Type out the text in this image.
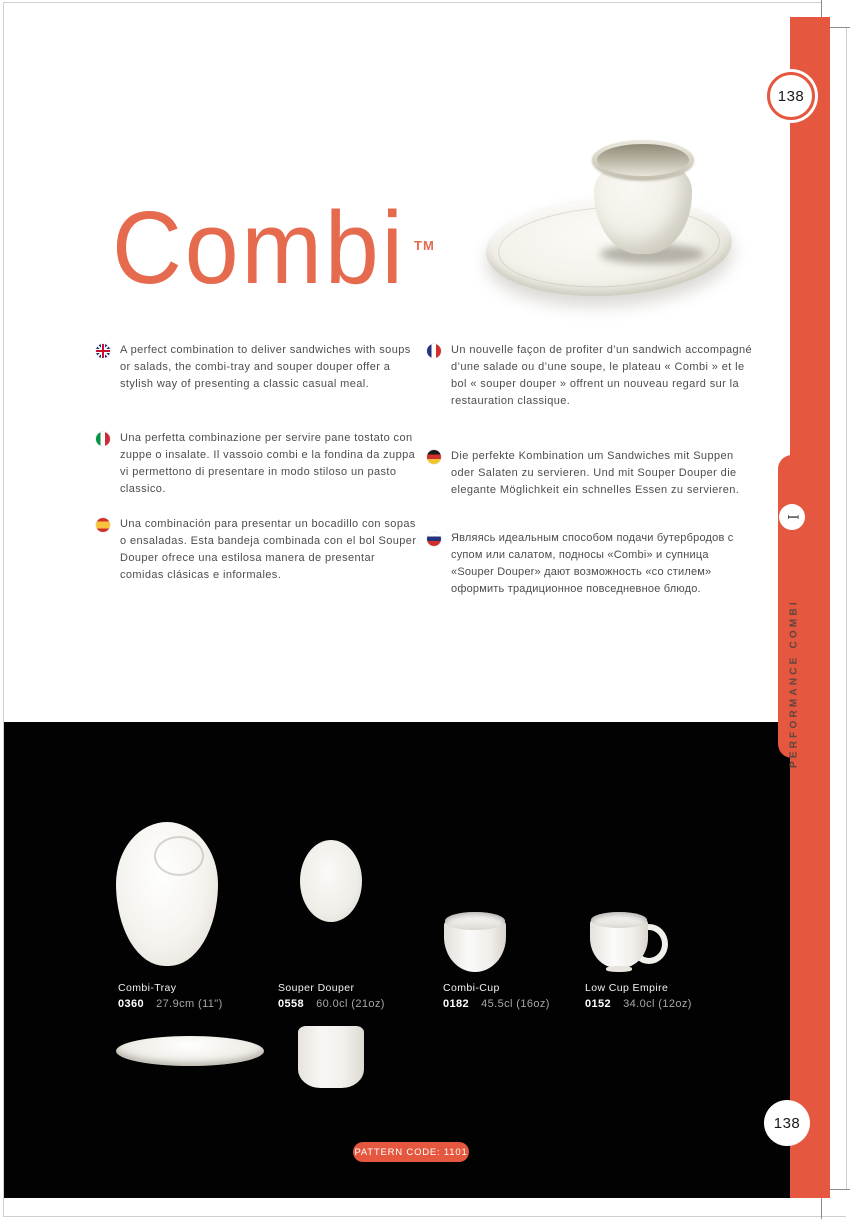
Combi-Tray
0360 27.9cm (11")
Souper Douper
0558 60.0cl (21oz)
Combi-Cup
0182 45.5cl (16oz)
Low Cup Empire
0152 34.0cl (12oz)
PERFORMANCE COMBI
I
138
138
Combi TM
A perfect combination to deliver sandwiches with soups or salads, the combi-tray and souper douper offer a stylish way of presenting a classic casual meal.
Una perfetta combinazione per servire pane tostato con zuppe o insalate. Il vassoio combi e la fondina da zuppa vi permettono di presentare in modo stiloso un pasto classico.
Una combinación para presentar un bocadillo con sopas o ensaladas. Esta bandeja combinada con el bol Souper Douper ofrece una estilosa manera de presentar comidas clásicas e informales.
Un nouvelle façon de profiter d’un sandwich accompagné d’une salade ou d’une soupe, le plateau « Combi » et le bol « souper douper » offrent un nouveau regard sur la restauration classique.
Die perfekte Kombination um Sandwiches mit Suppen oder Salaten zu servieren. Und mit Souper Douper die elegante Möglichkeit ein schnelles Essen zu servieren.
Являясь идеальным способом подачи бутербродов с супом или салатом, подносы «Combi» и супница «Souper Douper» дают возможность «со стилем» оформить традиционное повседневное блюдо.
PATTERN CODE: 1101
